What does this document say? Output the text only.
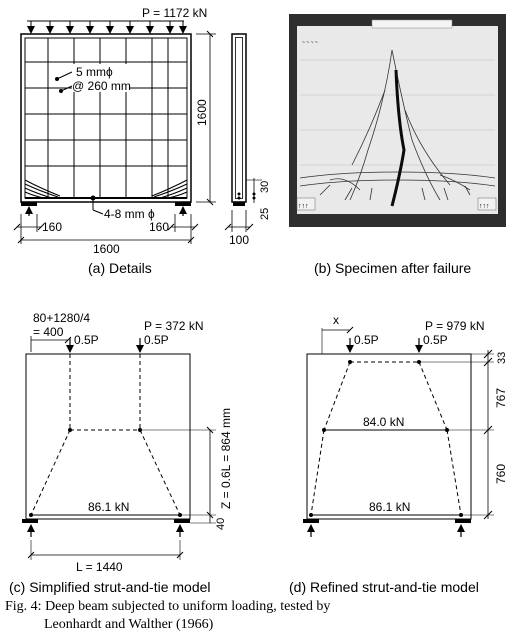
P = 1172 kN
5 mmϕ
@ 260 mm
4-8 mm ϕ
160	160
1600
1600
30
25
100
(a) Details
~ ~ ~ ~
↑↑↑	↑↑↑
(b) Specimen after failure
80+1280/4
= 400	P = 372 kN
0.5P	0.5P
86.1 kN	Z = 0.6L = 864 mm
40
L = 1440
(c) Simplified strut-and-tie model
x	P = 979 kN
0.5P	0.5P
84.0 kN
86.1 kN
33
767
760
(d) Refined strut-and-tie model
Fig. 4: Deep beam subjected to uniform loading, tested by
Leonhardt and Walther (1966)
